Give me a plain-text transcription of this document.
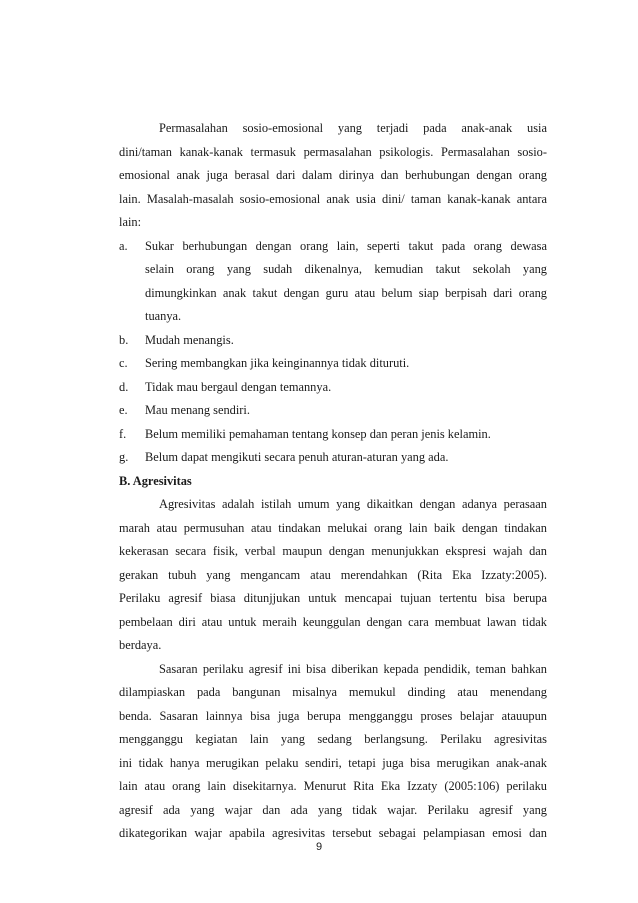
Permasalahan sosio-emosional yang terjadi pada anak-anak usia
dini/taman kanak-kanak termasuk permasalahan psikologis. Permasalahan sosio-
emosional anak juga berasal dari dalam dirinya dan berhubungan dengan orang
lain. Masalah-masalah sosio-emosional anak usia dini/ taman kanak-kanak antara
lain:
a.	Sukar berhubungan dengan orang lain, seperti takut pada orang dewasa
selain orang yang sudah dikenalnya, kemudian takut sekolah yang
dimungkinkan anak takut dengan guru atau belum siap berpisah dari orang
tuanya.
b.	Mudah menangis.
c.	Sering membangkan jika keinginannya tidak dituruti.
d.	Tidak mau bergaul dengan temannya.
e.	Mau menang sendiri.
f.	Belum memiliki pemahaman tentang konsep dan peran jenis kelamin.
g.	Belum dapat mengikuti secara penuh aturan-aturan yang ada.
B. Agresivitas
Agresivitas adalah istilah umum yang dikaitkan dengan adanya perasaan
marah atau permusuhan atau tindakan melukai orang lain baik dengan tindakan
kekerasan secara fisik, verbal maupun dengan menunjukkan ekspresi wajah dan
gerakan tubuh yang mengancam atau merendahkan (Rita Eka Izzaty:2005).
Perilaku agresif biasa ditunjjukan untuk mencapai tujuan tertentu bisa berupa
pembelaan diri atau untuk meraih keunggulan dengan cara membuat lawan tidak
berdaya.
Sasaran perilaku agresif ini bisa diberikan kepada pendidik, teman bahkan
dilampiaskan pada bangunan misalnya memukul dinding atau menendang
benda. Sasaran lainnya bisa juga berupa mengganggu proses belajar atauupun
mengganggu kegiatan lain yang sedang berlangsung. Perilaku agresivitas
ini tidak hanya merugikan pelaku sendiri, tetapi juga bisa merugikan anak-anak
lain atau orang lain disekitarnya. Menurut Rita Eka Izzaty (2005:106) perilaku
agresif ada yang wajar dan ada yang tidak wajar. Perilaku agresif yang
dikategorikan wajar apabila agresivitas tersebut sebagai pelampiasan emosi dan
9
